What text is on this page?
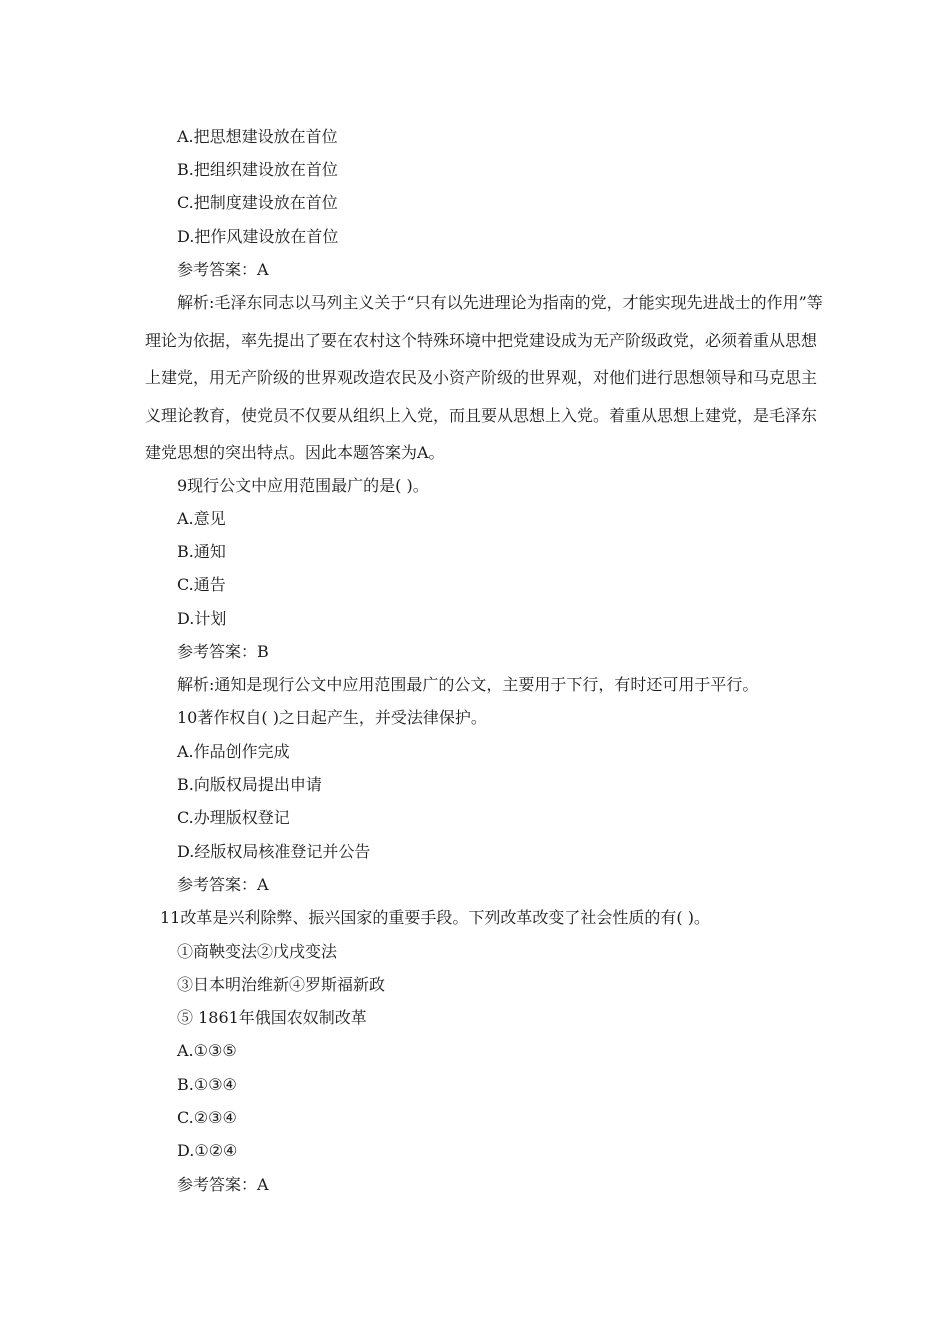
A.把思想建设放在首位
B.把组织建设放在首位
C.把制度建设放在首位
D.把作风建设放在首位
参考答案：A
解析:毛泽东同志以马列主义关于“只有以先进理论为指南的党，才能实现先进战士的作用”等理论为依据，率先提出了要在农村这个特殊环境中把党建设成为无产阶级政党，必须着重从思想上建党，用无产阶级的世界观改造农民及小资产阶级的世界观，对他们进行思想领导和马克思主义理论教育，使党员不仅要从组织上入党，而且要从思想上入党。着重从思想上建党，是毛泽东建党思想的突出特点。因此本题答案为A。
9现行公文中应用范围最广的是( )。
A.意见
B.通知
C.通告
D.计划
参考答案：B
解析:通知是现行公文中应用范围最广的公文，主要用于下行，有时还可用于平行。
10著作权自( )之日起产生，并受法律保护。
A.作品创作完成
B.向版权局提出申请
C.办理版权登记
D.经版权局核准登记并公告
参考答案：A
11改革是兴利除弊、振兴国家的重要手段。下列改革改变了社会性质的有( )。
①商鞅变法②戊戌变法
③日本明治维新④罗斯福新政
⑤ 1861年俄国农奴制改革
A.①③⑤
B.①③④
C.②③④
D.①②④
参考答案：A
